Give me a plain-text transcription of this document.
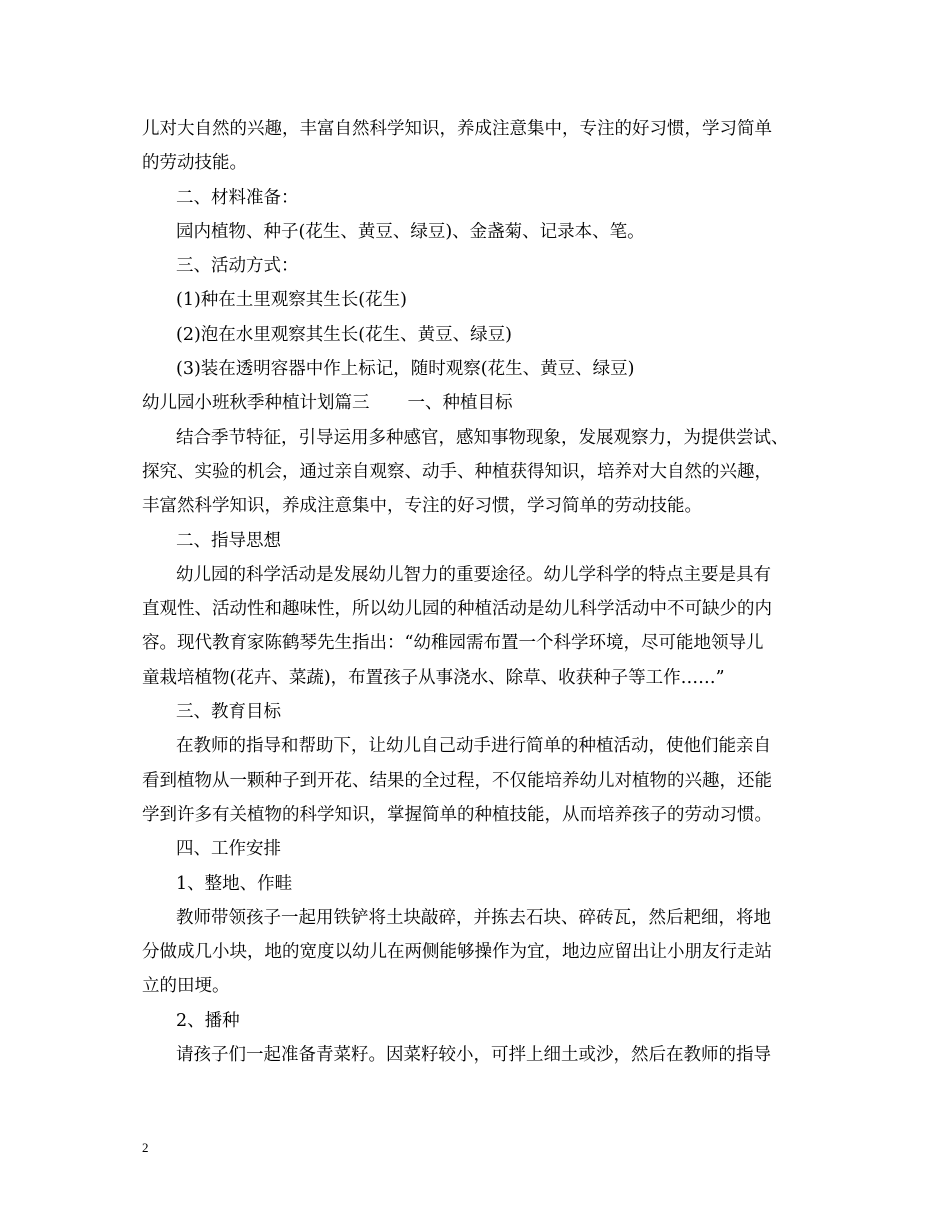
儿对大自然的兴趣，丰富自然科学知识，养成注意集中，专注的好习惯，学习简单
的劳动技能。
二、材料准备：
园内植物、种子(花生、黄豆、绿豆)、金盏菊、记录本、笔。
三、活动方式：
(1)种在土里观察其生长(花生)
(2)泡在水里观察其生长(花生、黄豆、绿豆)
(3)装在透明容器中作上标记，随时观察(花生、黄豆、绿豆)
幼儿园小班秋季种植计划篇三 一、种植目标
结合季节特征，引导运用多种感官，感知事物现象，发展观察力，为提供尝试、
探究、实验的机会，通过亲自观察、动手、种植获得知识，培养对大自然的兴趣，
丰富然科学知识，养成注意集中，专注的好习惯，学习简单的劳动技能。
二、指导思想
幼儿园的科学活动是发展幼儿智力的重要途径。幼儿学科学的特点主要是具有
直观性、活动性和趣味性，所以幼儿园的种植活动是幼儿科学活动中不可缺少的内
容。现代教育家陈鹤琴先生指出：“幼稚园需布置一个科学环境，尽可能地领导儿
童栽培植物(花卉、菜蔬)，布置孩子从事浇水、除草、收获种子等工作……”
三、教育目标
在教师的指导和帮助下，让幼儿自己动手进行简单的种植活动，使他们能亲自
看到植物从一颗种子到开花、结果的全过程，不仅能培养幼儿对植物的兴趣，还能
学到许多有关植物的科学知识，掌握简单的种植技能，从而培养孩子的劳动习惯。
四、工作安排
1、整地、作畦
教师带领孩子一起用铁铲将土块敲碎，并拣去石块、碎砖瓦，然后耙细，将地
分做成几小块，地的宽度以幼儿在两侧能够操作为宜，地边应留出让小朋友行走站
立的田埂。
2、播种
请孩子们一起准备青菜籽。因菜籽较小，可拌上细土或沙，然后在教师的指导
2
